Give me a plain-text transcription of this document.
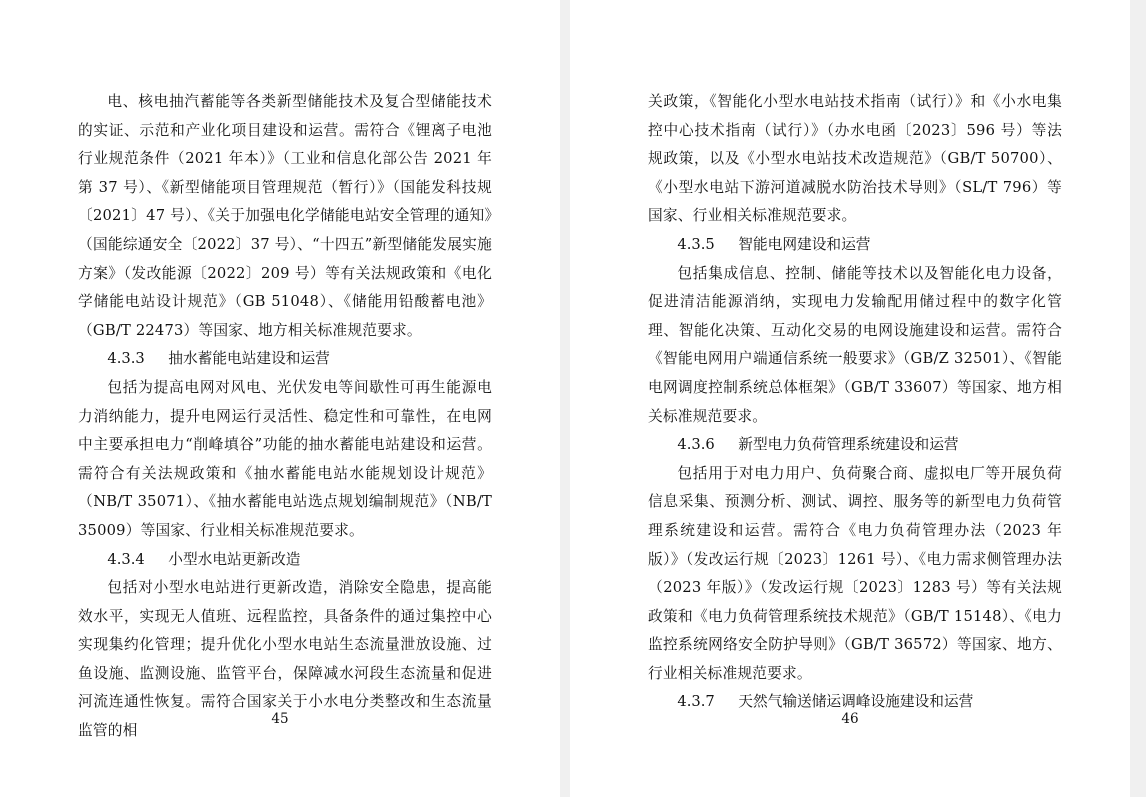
电、核电抽汽蓄能等各类新型储能技术及复合型储能技术的实证、示范和产业化项目建设和运营。需符合《锂离子电池行业规范条件（2021 年本）》（工业和信息化部公告 2021 年第 37 号）、《新型储能项目管理规范（暂行）》（国能发科技规〔2021〕47 号）、《关于加强电化学储能电站安全管理的通知》（国能综通安全〔2022〕37 号）、“十四五”新型储能发展实施方案》（发改能源〔2022〕209 号）等有关法规政策和《电化学储能电站设计规范》（GB 51048）、《储能用铅酸蓄电池》（GB/T 22473）等国家、地方相关标准规范要求。

4.3.3 抽水蓄能电站建设和运营

包括为提高电网对风电、光伏发电等间歇性可再生能源电力消纳能力，提升电网运行灵活性、稳定性和可靠性，在电网中主要承担电力“削峰填谷”功能的抽水蓄能电站建设和运营。需符合有关法规政策和《抽水蓄能电站水能规划设计规范》（NB/T 35071）、《抽水蓄能电站选点规划编制规范》（NB/T 35009）等国家、行业相关标准规范要求。

4.3.4 小型水电站更新改造

包括对小型水电站进行更新改造，消除安全隐患，提高能效水平，实现无人值班、远程监控，具备条件的通过集控中心实现集约化管理；提升优化小型水电站生态流量泄放设施、过鱼设施、监测设施、监管平台，保障减水河段生态流量和促进河流连通性恢复。需符合国家关于小水电分类整改和生态流量监管的相

45

关政策，《智能化小型水电站技术指南（试行）》和《小水电集控中心技术指南（试行）》（办水电函〔2023〕596 号）等法规政策，以及《小型水电站技术改造规范》（GB/T 50700）、《小型水电站下游河道减脱水防治技术导则》（SL/T 796）等国家、行业相关标准规范要求。

4.3.5 智能电网建设和运营

包括集成信息、控制、储能等技术以及智能化电力设备，促进清洁能源消纳，实现电力发输配用储过程中的数字化管理、智能化决策、互动化交易的电网设施建设和运营。需符合《智能电网用户端通信系统一般要求》（GB/Z 32501）、《智能电网调度控制系统总体框架》（GB/T 33607）等国家、地方相关标准规范要求。

4.3.6 新型电力负荷管理系统建设和运营

包括用于对电力用户、负荷聚合商、虚拟电厂等开展负荷信息采集、预测分析、测试、调控、服务等的新型电力负荷管理系统建设和运营。需符合《电力负荷管理办法（2023 年版）》（发改运行规〔2023〕1261 号）、《电力需求侧管理办法（2023 年版）》（发改运行规〔2023〕1283 号）等有关法规政策和《电力负荷管理系统技术规范》（GB/T 15148）、《电力监控系统网络安全防护导则》（GB/T 36572）等国家、地方、行业相关标准规范要求。

4.3.7 天然气输送储运调峰设施建设和运营

46
